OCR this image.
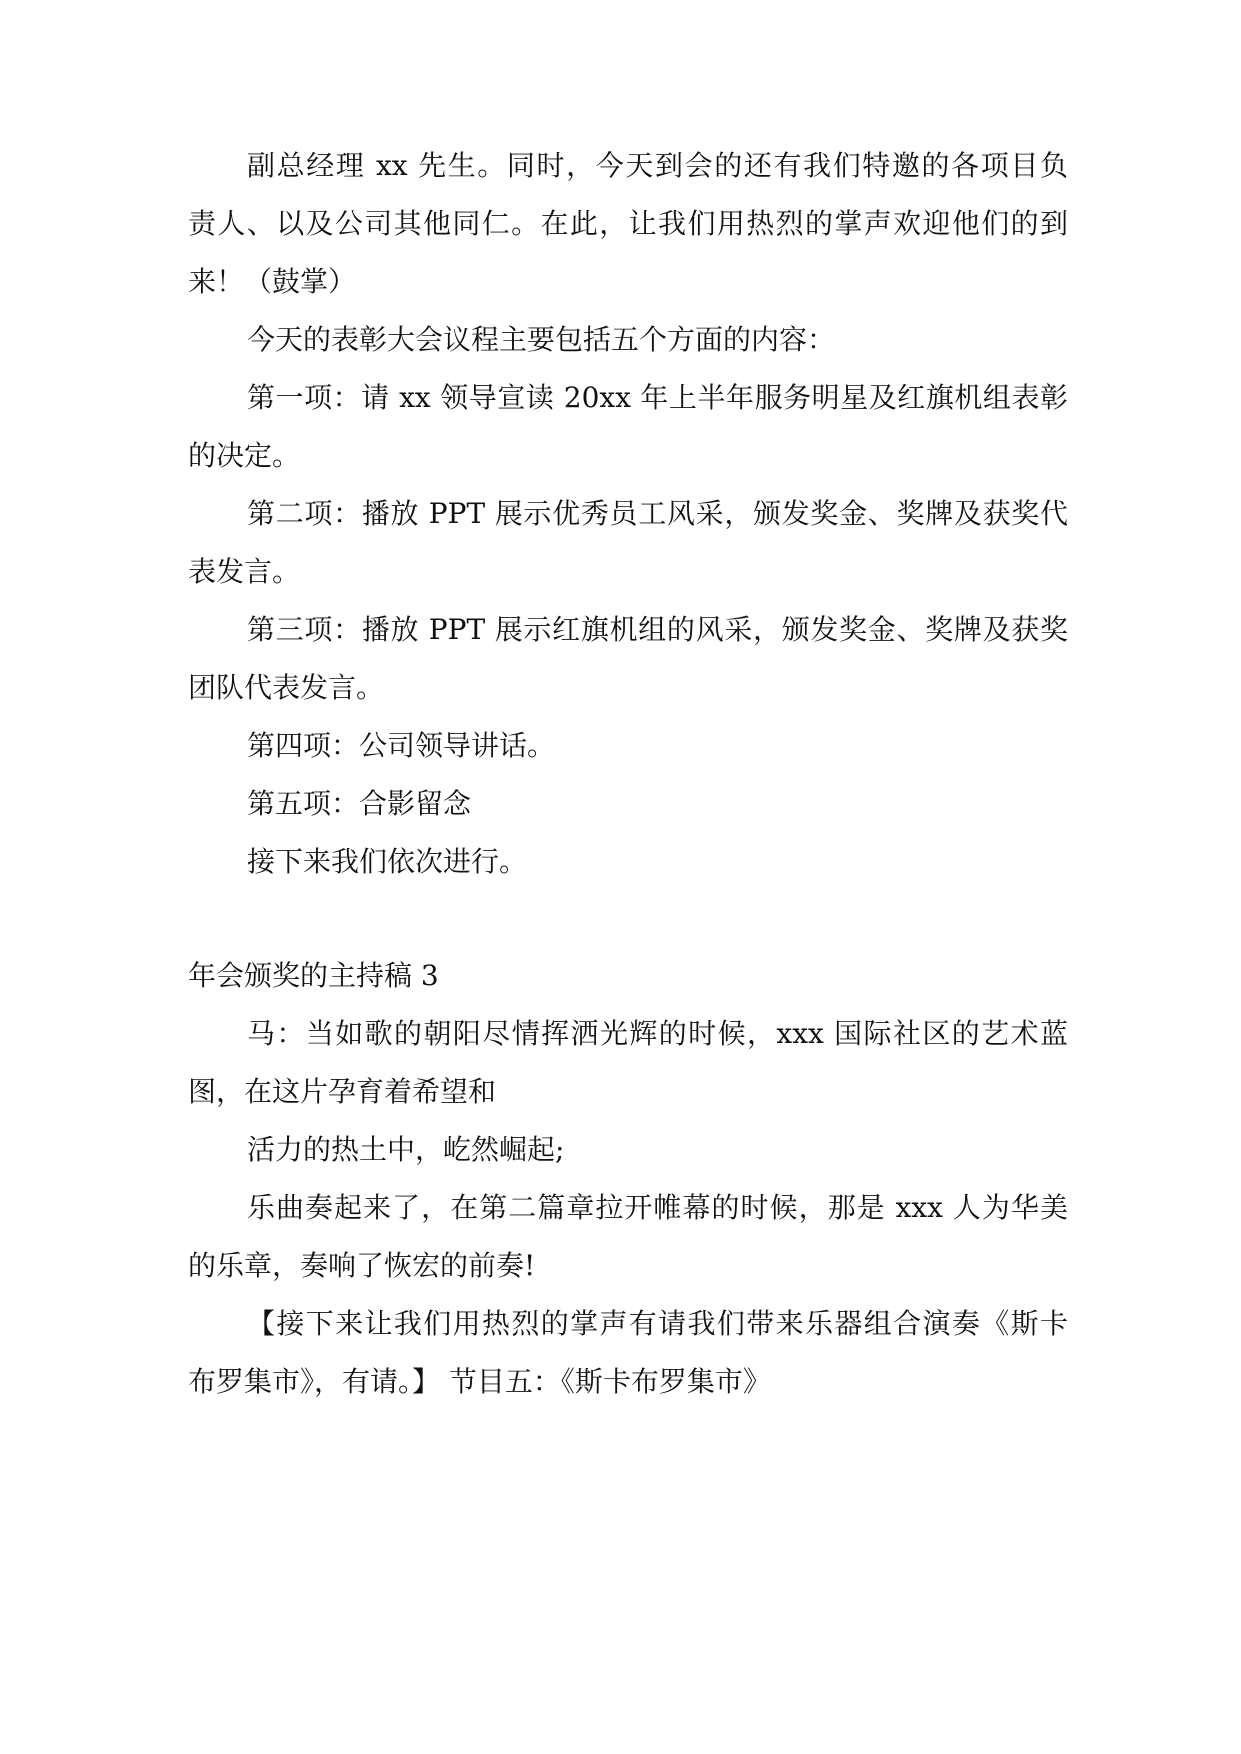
副总经理 xx 先生。同时，今天到会的还有我们特邀的各项目负

责人、以及公司其他同仁。在此，让我们用热烈的掌声欢迎他们的到

来！（鼓掌）

今天的表彰大会议程主要包括五个方面的内容：

第一项：请 xx 领导宣读 20xx 年上半年服务明星及红旗机组表彰

的决定。

第二项：播放 PPT 展示优秀员工风采，颁发奖金、奖牌及获奖代

表发言。

第三项：播放 PPT 展示红旗机组的风采，颁发奖金、奖牌及获奖

团队代表发言。

第四项：公司领导讲话。

第五项：合影留念

接下来我们依次进行。

年会颁奖的主持稿 3

马：当如歌的朝阳尽情挥洒光辉的时候，xxx 国际社区的艺术蓝

图，在这片孕育着希望和

活力的热土中，屹然崛起;

乐曲奏起来了，在第二篇章拉开帷幕的时候，那是 xxx 人为华美

的乐章，奏响了恢宏的前奏!

【接下来让我们用热烈的掌声有请我们带来乐器组合演奏《斯卡

布罗集市》，有请。】 节目五：《斯卡布罗集市》
